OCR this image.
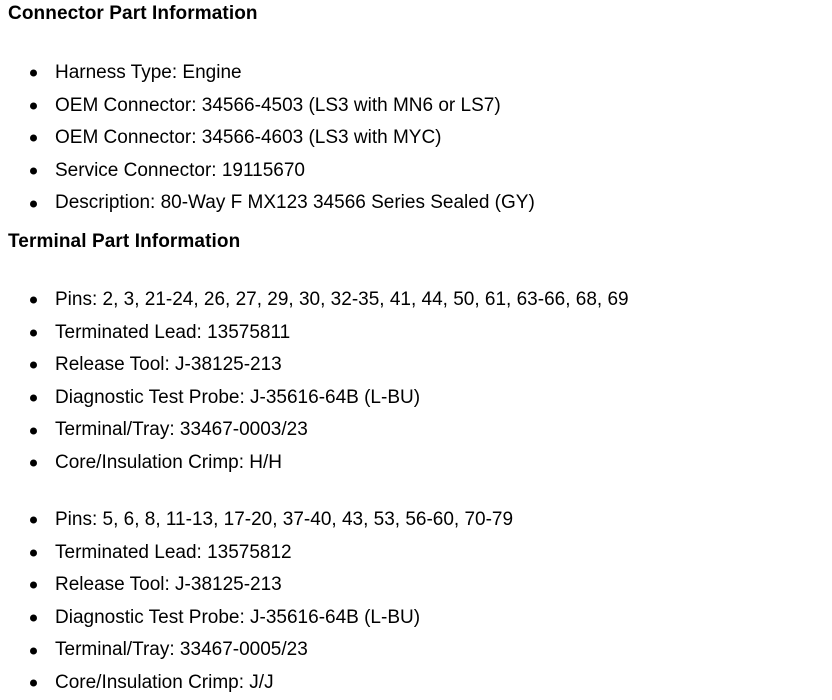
Connector Part Information
Harness Type: Engine
OEM Connector: 34566-4503 (LS3 with MN6 or LS7)
OEM Connector: 34566-4603 (LS3 with MYC)
Service Connector: 19115670
Description: 80-Way F MX123 34566 Series Sealed (GY)
Terminal Part Information
Pins: 2, 3, 21-24, 26, 27, 29, 30, 32-35, 41, 44, 50, 61, 63-66, 68, 69
Terminated Lead: 13575811
Release Tool: J-38125-213
Diagnostic Test Probe: J-35616-64B (L-BU)
Terminal/Tray: 33467-0003/23
Core/Insulation Crimp: H/H
Pins: 5, 6, 8, 11-13, 17-20, 37-40, 43, 53, 56-60, 70-79
Terminated Lead: 13575812
Release Tool: J-38125-213
Diagnostic Test Probe: J-35616-64B (L-BU)
Terminal/Tray: 33467-0005/23
Core/Insulation Crimp: J/J
